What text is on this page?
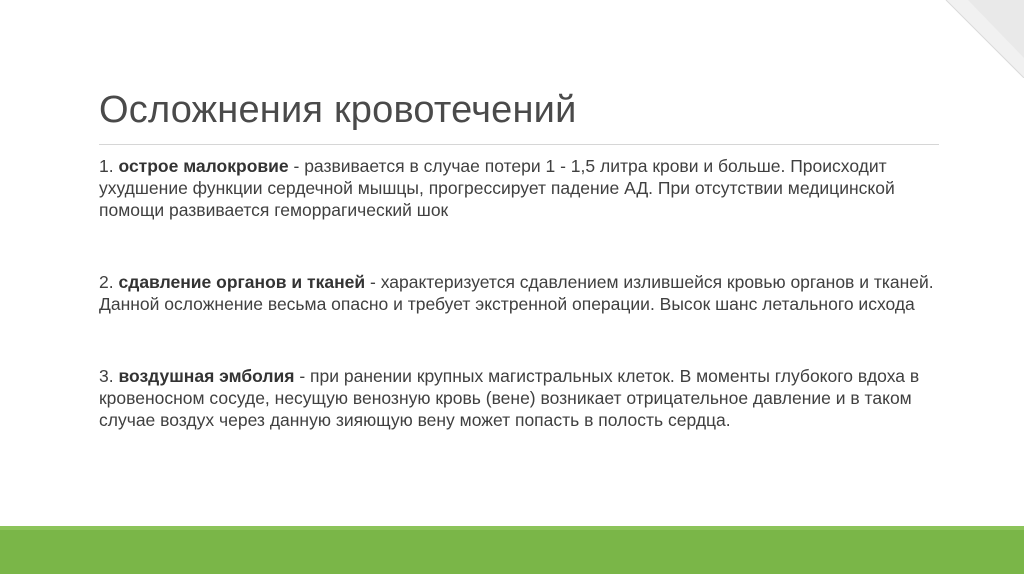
Осложнения кровотечений

1. острое малокровие - развивается в случае потери 1 - 1,5 литра крови и больше. Происходит ухудшение функции сердечной мышцы, прогрессирует падение АД. При отсутствии медицинской помощи развивается геморрагический шок

2. сдавление органов и тканей - характеризуется сдавлением излившейся кровью органов и тканей. Данной осложнение весьма опасно и требует экстренной операции. Высок шанс летального исхода

3. воздушная эмболия - при ранении крупных магистральных клеток. В моменты глубокого вдоха в кровеносном сосуде, несущую венозную кровь (вене) возникает отрицательное давление и в таком случае воздух через данную зияющую вену может попасть в полость сердца.
